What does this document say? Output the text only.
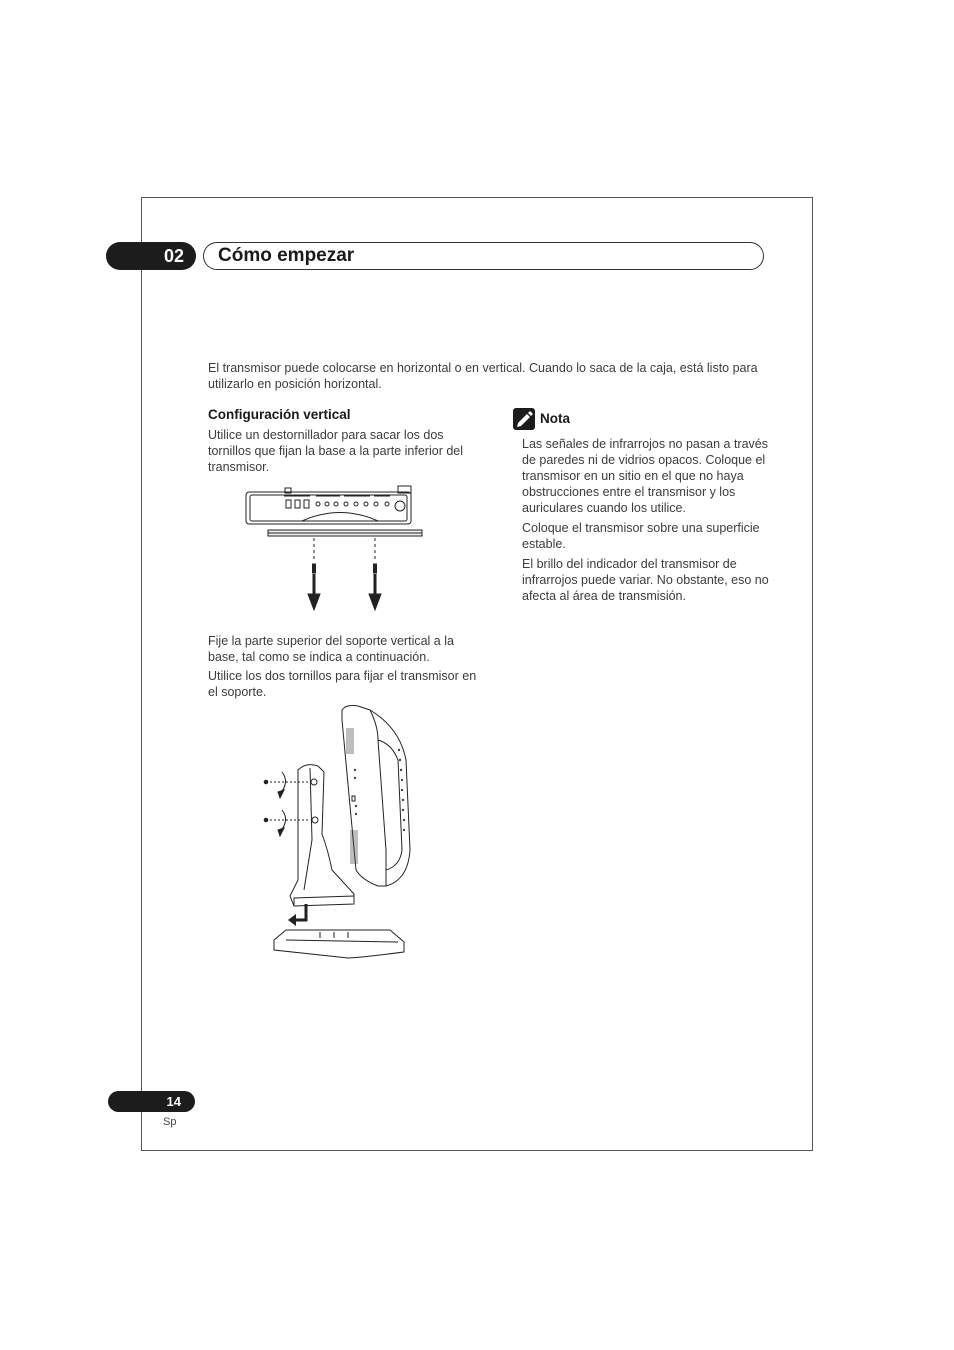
02	Cómo empezar

El transmisor puede colocarse en horizontal o en vertical. Cuando lo saca de la caja, está listo para utilizarlo en posición horizontal.

Configuración vertical

Utilice un destornillador para sacar los dos tornillos que fijan la base a la parte inferior del transmisor.

Fije la parte superior del soporte vertical a la base, tal como se indica a continuación.

Utilice los dos tornillos para fijar el transmisor en el soporte.

Nota
Las señales de infrarrojos no pasan a través de paredes ni de vidrios opacos. Coloque el transmisor en un sitio en el que no haya obstrucciones entre el transmisor y los auriculares cuando los utilice.
Coloque el transmisor sobre una superficie estable.
El brillo del indicador del transmisor de infrarrojos puede variar. No obstante, eso no afecta al área de transmisión.
14
Sp
